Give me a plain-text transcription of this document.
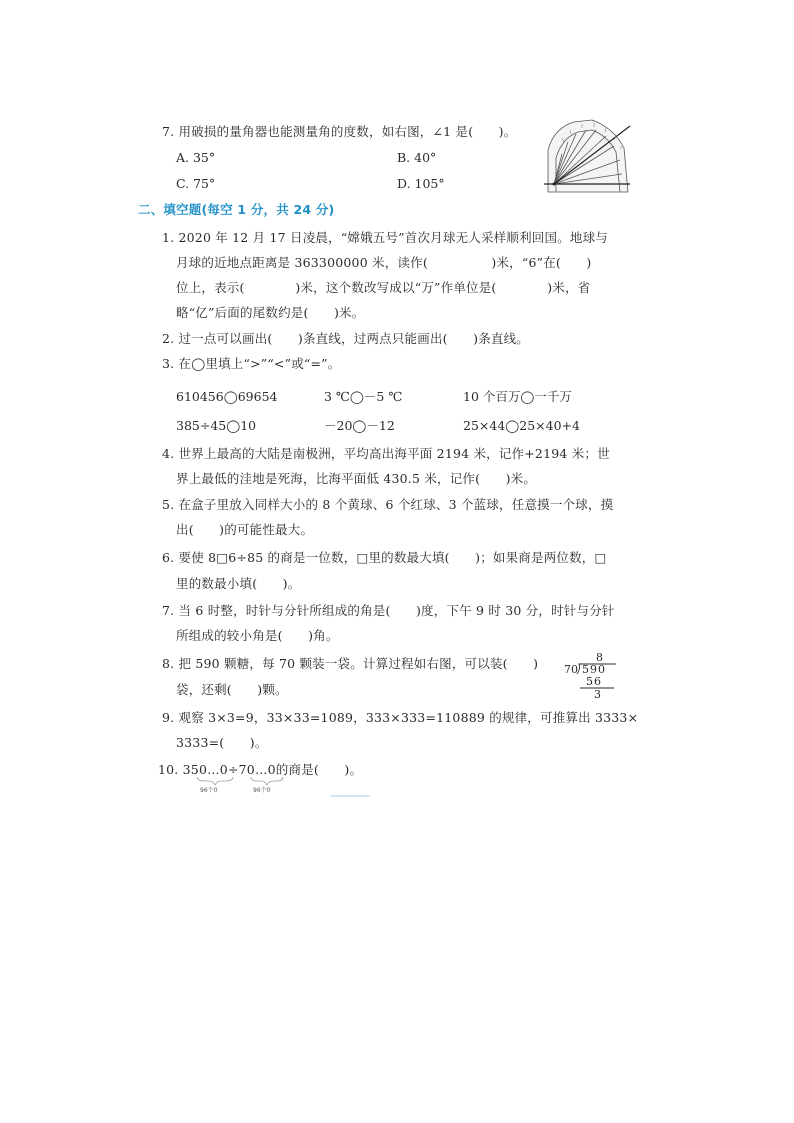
7. 用破损的量角器也能测量角的度数，如右图，∠1 是(　　)。
A. 35°	B. 40°
C. 75°	D. 105°
二、填空题(每空 1 分，共 24 分)
1. 2020 年 12 月 17 日凌晨，“嫦娥五号”首次月球无人采样顺利回国。地球与
月球的近地点距离是 363300000 米，读作(　　　　　)米，“6”在(　　)
位上，表示(　　　　)米，这个数改写成以“万”作单位是(　　　　)米，省
略“亿”后面的尾数约是(　　)米。
2. 过一点可以画出(　　)条直线，过两点只能画出(　　)条直线。
3. 在◯里填上“>”“<”或“=”。
610456◯69654	3 ℃◯－5 ℃	10 个百万◯一千万
385÷45◯10	－20◯－12	25×44◯25×40+4
4. 世界上最高的大陆是南极洲，平均高出海平面 2194 米，记作+2194 米；世
界上最低的洼地是死海，比海平面低 430.5 米，记作(　　)米。
5. 在盒子里放入同样大小的 8 个黄球、6 个红球、3 个蓝球，任意摸一个球，摸
出(　　)的可能性最大。
6. 要使 8□6÷85 的商是一位数，□里的数最大填(　　)；如果商是两位数，□
里的数最小填(　　)。
7. 当 6 时整，时针与分针所组成的角是(　　)度，下午 9 时 30 分，时针与分针
所组成的较小角是(　　)角。
8. 把 590 颗糖，每 70 颗装一袋。计算过程如右图，可以装(　　)
袋，还剩(　　)颗。
8
70 590
56
3
9. 观察 3×3=9，33×33=1089，333×333=110889 的规律，可推算出 3333×
3333=(　　)。
10. 350…0÷70…0的商是(　　)。
96个0	96个0
